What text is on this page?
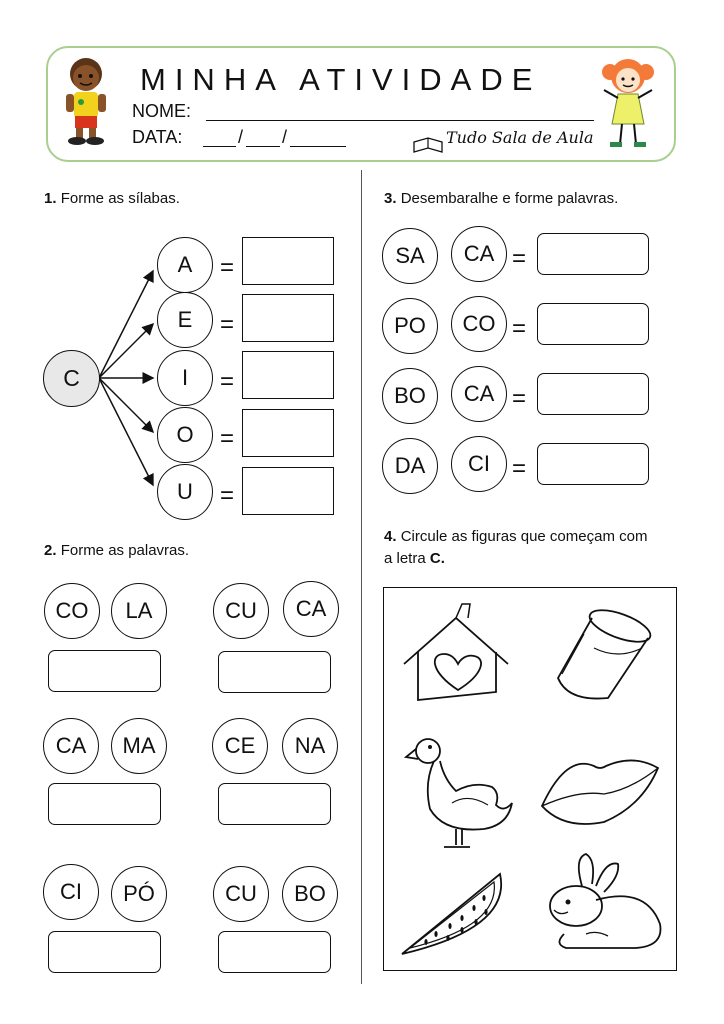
MINHA ATIVIDADE
NOME:
DATA:	/ /	Tudo Sala de Aula
1. Forme as sílabas.
C
A
E
I
O
U
=
=
=
=
=
2. Forme as palavras.
CO	LA	CU	CA
CA	MA	CE	NA
CI	PÓ	CU	BO
3. Desembaralhe e forme palavras.
SA	CA =
PO	CO =
BO	CA =
DA	CI =
4. Circule as figuras que começam com
a letra C.
